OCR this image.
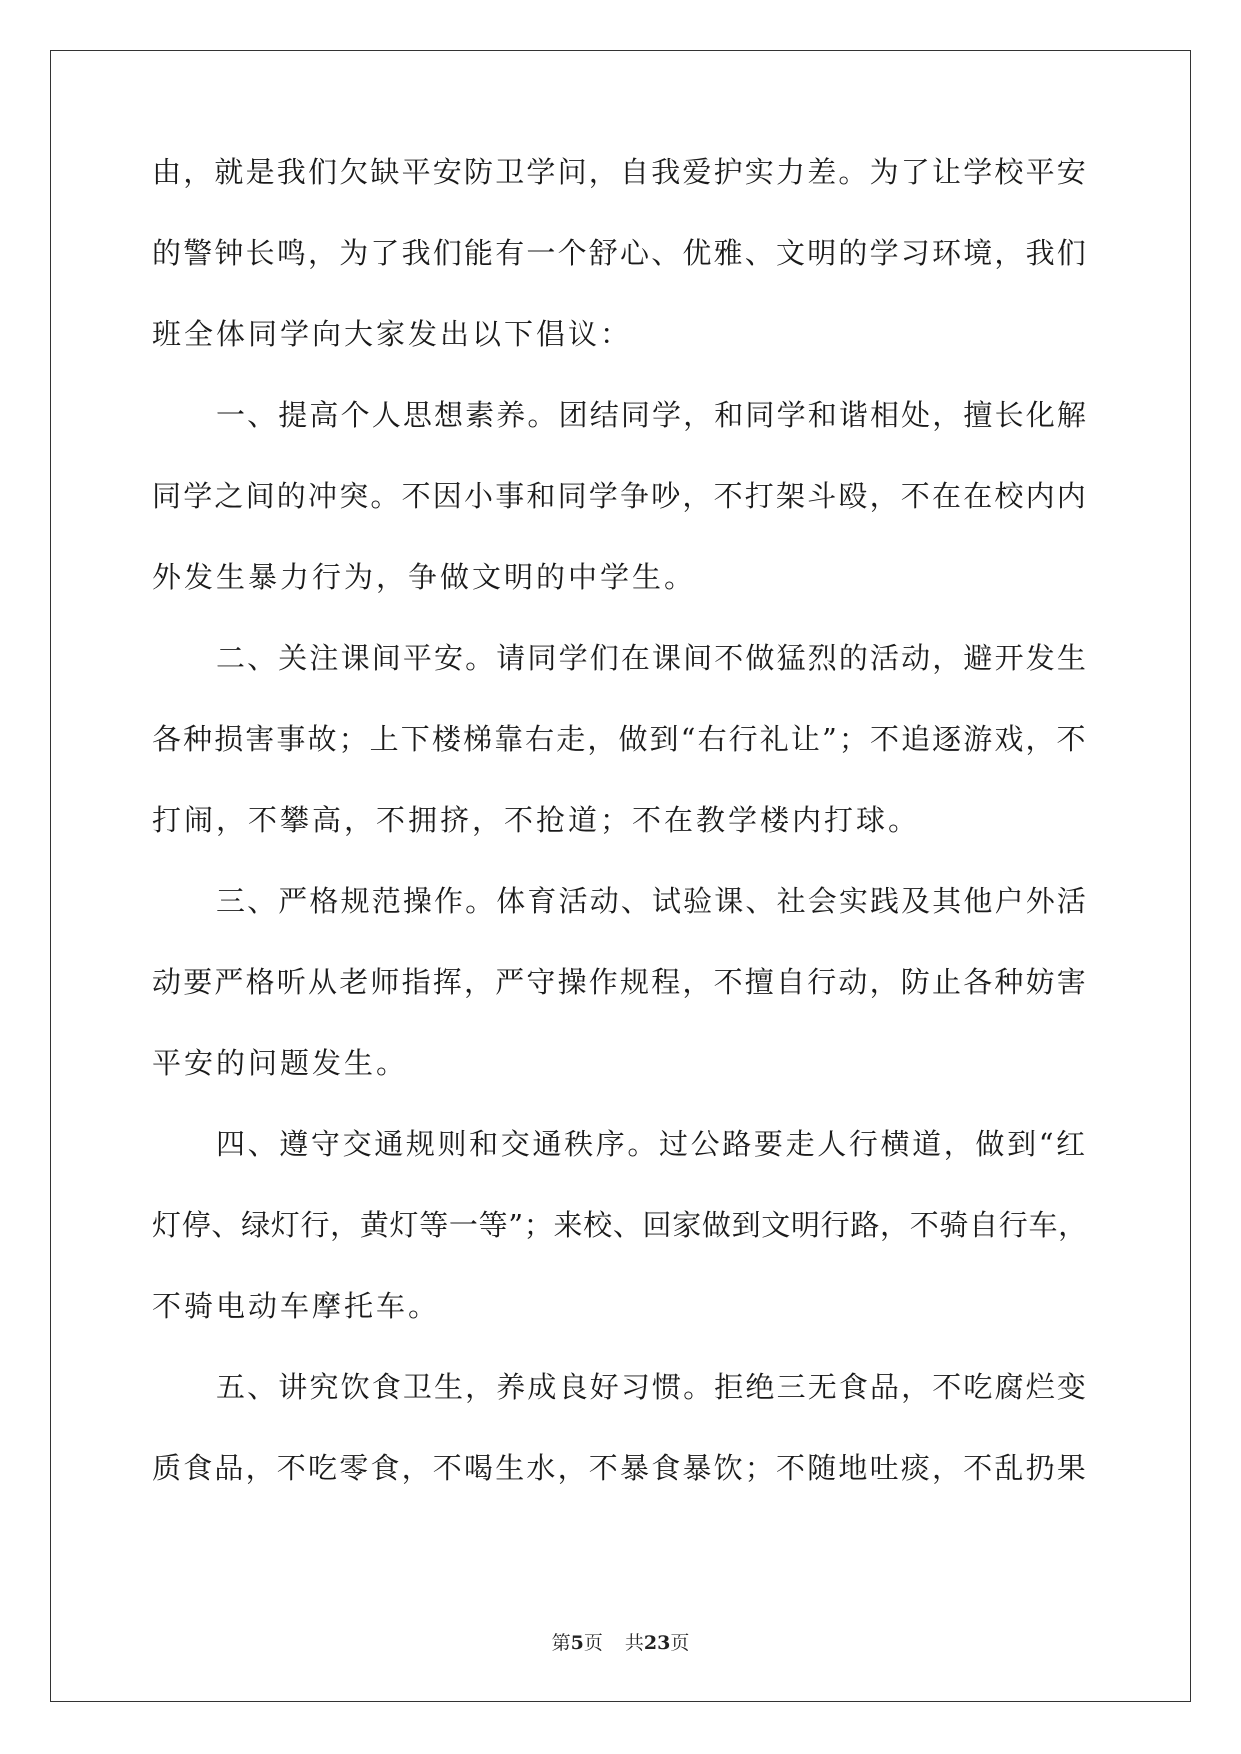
由，就是我们欠缺平安防卫学问，自我爱护实力差。为了让学校平安
的警钟长鸣，为了我们能有一个舒心、优雅、文明的学习环境，我们
班全体同学向大家发出以下倡议：
一、提高个人思想素养。团结同学，和同学和谐相处，擅长化解
同学之间的冲突。不因小事和同学争吵，不打架斗殴，不在在校内内
外发生暴力行为，争做文明的中学生。
二、关注课间平安。请同学们在课间不做猛烈的活动，避开发生
各种损害事故；上下楼梯靠右走，做到“右行礼让”；不追逐游戏，不
打闹，不攀高，不拥挤，不抢道；不在教学楼内打球。
三、严格规范操作。体育活动、试验课、社会实践及其他户外活
动要严格听从老师指挥，严守操作规程，不擅自行动，防止各种妨害
平安的问题发生。
四、遵守交通规则和交通秩序。过公路要走人行横道，做到“红
灯停、绿灯行，黄灯等一等”；来校、回家做到文明行路，不骑自行车，
不骑电动车摩托车。
五、讲究饮食卫生，养成良好习惯。拒绝三无食品，不吃腐烂变
质食品，不吃零食，不喝生水，不暴食暴饮；不随地吐痰，不乱扔果
第5页 共23页
